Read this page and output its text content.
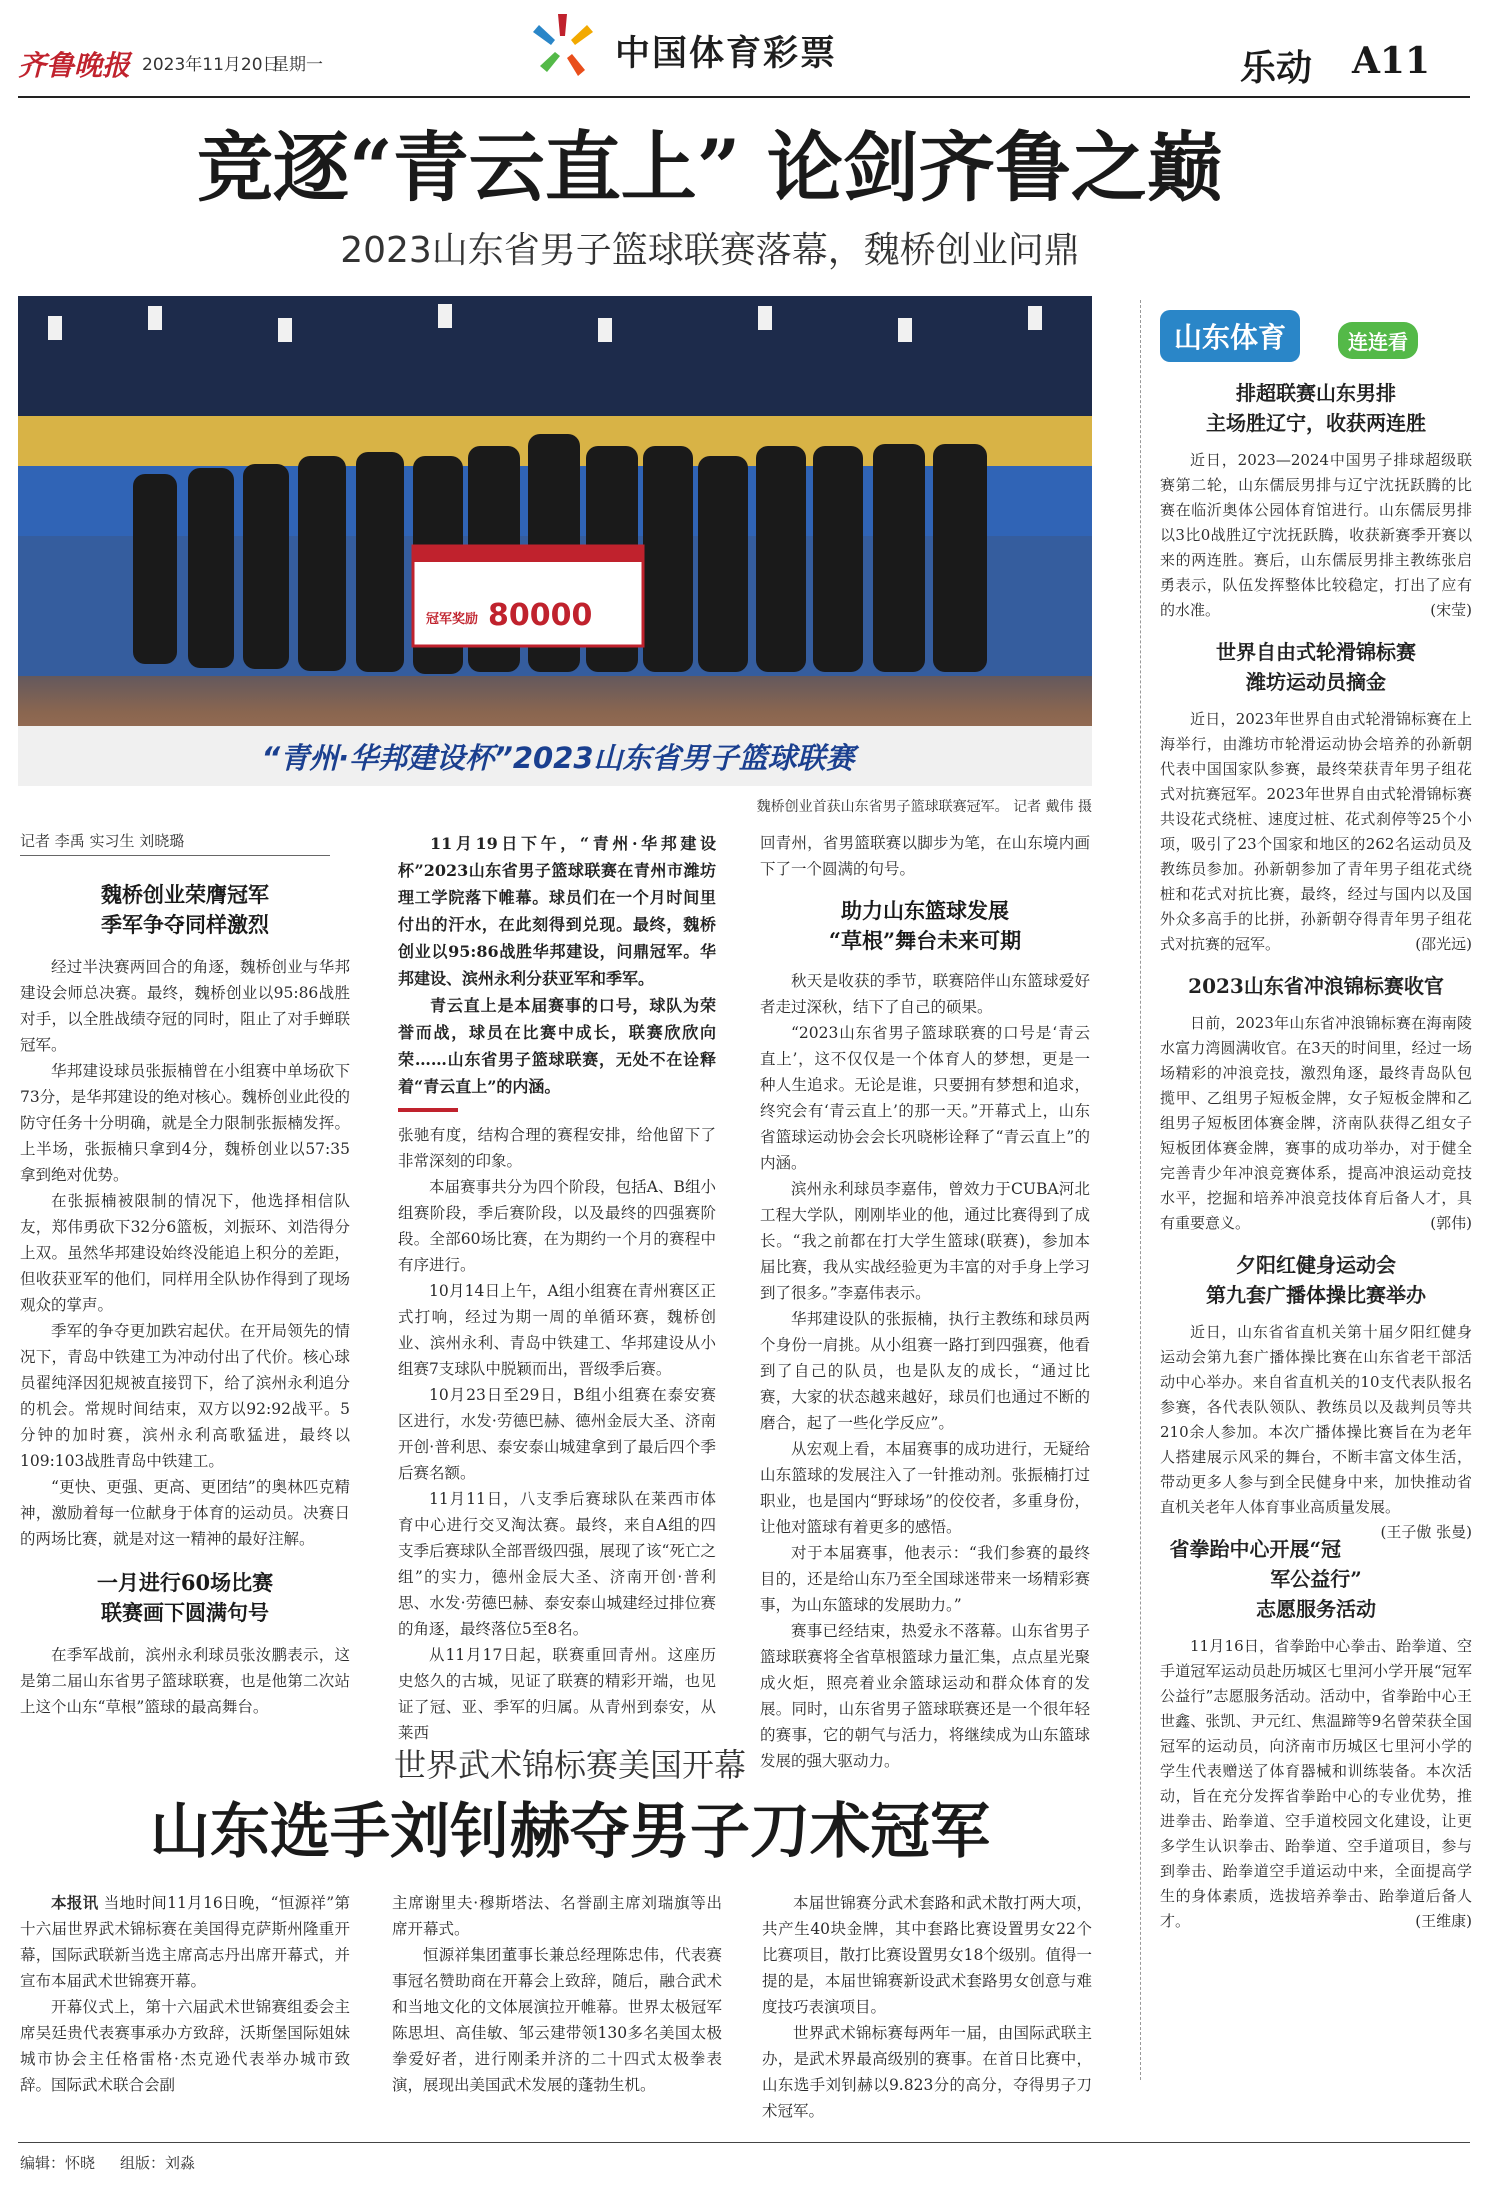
齐鲁晚报 2023年11月20日
星期一	中国体育彩票	乐动 A11
竞逐“青云直上” 论剑齐鲁之巅
2023山东省男子篮球联赛落幕，魏桥创业问鼎
冠军奖励 80000
“青州·华邦建设杯”2023山东省男子篮球联赛
魏桥创业首获山东省男子篮球联赛冠军。 记者 戴伟 摄
记者 李禹 实习生 刘晓璐
魏桥创业荣膺冠军
季军争夺同样激烈

经过半決赛两回合的角逐，魏桥创业与华邦建设会师总决赛。最终，魏桥创业以95:86战胜对手，以全胜战绩夺冠的同时，阻止了对手蝉联冠军。

华邦建设球员张振楠曾在小组赛中单场砍下73分，是华邦建设的绝对核心。魏桥创业此役的防守任务十分明确，就是全力限制张振楠发挥。上半场，张振楠只拿到4分，魏桥创业以57:35拿到绝对优势。

在张振楠被限制的情况下，他选择相信队友，郑伟勇砍下32分6篮板，刘振环、刘浩得分上双。虽然华邦建设始终没能追上积分的差距，但收获亚军的他们，同样用全队协作得到了现场观众的掌声。

季军的争夺更加跌宕起伏。在开局领先的情况下，青岛中铁建工为冲动付出了代价。核心球员翟纯泽因犯规被直接罚下，给了滨州永利追分的机会。常规时间结束，双方以92:92战平。5分钟的加时赛，滨州永利高歌猛进，最终以109:103战胜青岛中铁建工。

“更快、更强、更高、更团结”的奥林匹克精神，激励着每一位献身于体育的运动员。决赛日的两场比赛，就是对这一精神的最好注解。

一月进行60场比赛
联赛画下圆满句号

在季军战前，滨州永利球员张汝鹏表示，这是第二届山东省男子篮球联赛，也是他第二次站上这个山东“草根”篮球的最高舞台。

11月19日下午，“青州·华邦建设杯”2023山东省男子篮球联赛在青州市潍坊理工学院落下帷幕。球员们在一个月时间里付出的汗水，在此刻得到兑现。最终，魏桥创业以95:86战胜华邦建设，问鼎冠军。华邦建设、滨州永利分获亚军和季军。

青云直上是本届赛事的口号，球队为荣誉而战，球员在比赛中成长，联赛欣欣向荣……山东省男子篮球联赛，无处不在诠释着“青云直上”的内涵。

张驰有度，结构合理的赛程安排，给他留下了非常深刻的印象。

本届赛事共分为四个阶段，包括A、B组小组赛阶段，季后赛阶段，以及最终的四强赛阶段。全部60场比赛，在为期约一个月的赛程中有序进行。

10月14日上午，A组小组赛在青州赛区正式打响，经过为期一周的单循环赛，魏桥创业、滨州永利、青岛中铁建工、华邦建设从小组赛7支球队中脱颖而出，晋级季后赛。

10月23日至29日，B组小组赛在泰安赛区进行，水发·劳德巴赫、德州金辰大圣、济南开创·普利思、泰安泰山城建拿到了最后四个季后赛名额。

11月11日，八支季后赛球队在莱西市体育中心进行交叉淘汰赛。最终，来自A组的四支季后赛球队全部晋级四强，展现了该“死亡之组”的实力，德州金辰大圣、济南开创·普利思、水发·劳德巴赫、泰安泰山城建经过排位赛的角逐，最终落位5至8名。

从11月17日起，联赛重回青州。这座历史悠久的古城，见证了联赛的精彩开端，也见证了冠、亚、季军的归属。从青州到泰安，从莱西

回青州，省男篮联赛以脚步为笔，在山东境内画下了一个圆满的句号。

助力山东篮球发展
“草根”舞台未来可期

秋天是收获的季节，联赛陪伴山东篮球爱好者走过深秋，结下了自己的硕果。

“2023山东省男子篮球联赛的口号是‘青云直上’，这不仅仅是一个体育人的梦想，更是一种人生追求。无论是谁，只要拥有梦想和追求，终究会有‘青云直上’的那一天。”开幕式上，山东省篮球运动协会会长巩晓彬诠释了“青云直上”的内涵。

滨州永利球员李嘉伟，曾效力于CUBA河北工程大学队，刚刚毕业的他，通过比赛得到了成长。“我之前都在打大学生篮球(联赛)，参加本届比赛，我从实战经验更为丰富的对手身上学习到了很多。”李嘉伟表示。

华邦建设队的张振楠，执行主教练和球员两个身份一肩挑。从小组赛一路打到四强赛，他看到了自己的队员，也是队友的成长，“通过比赛，大家的状态越来越好，球员们也通过不断的磨合，起了一些化学反应”。

从宏观上看，本届赛事的成功进行，无疑给山东篮球的发展注入了一针推动剂。张振楠打过职业，也是国内“野球场”的佼佼者，多重身份，让他对篮球有着更多的感悟。

对于本届赛事，他表示：“我们参赛的最终目的，还是给山东乃至全国球迷带来一场精彩赛事，为山东篮球的发展助力。”

赛事已经结束，热爱永不落幕。山东省男子篮球联赛将全省草根篮球力量汇集，点点星光聚成火炬，照亮着业余篮球运动和群众体育的发展。同时，山东省男子篮球联赛还是一个很年轻的赛事，它的朝气与活力，将继续成为山东篮球发展的强大驱动力。

山东体育	连连看
排超联赛山东男排
主场胜辽宁，收获两连胜

近日，2023—2024中国男子排球超级联赛第二轮，山东儒辰男排与辽宁沈抚跃腾的比赛在临沂奥体公园体育馆进行。山东儒辰男排以3比0战胜辽宁沈抚跃腾，收获新赛季开赛以来的两连胜。赛后，山东儒辰男排主教练张启勇表示，队伍发挥整体比较稳定，打出了应有的水准。	(宋莹)

世界自由式轮滑锦标赛
潍坊运动员摘金

近日，2023年世界自由式轮滑锦标赛在上海举行，由潍坊市轮滑运动协会培养的孙新朝代表中国国家队参赛，最终荣获青年男子组花式对抗赛冠军。2023年世界自由式轮滑锦标赛共设花式绕桩、速度过桩、花式刹停等25个小项，吸引了23个国家和地区的262名运动员及教练员参加。孙新朝参加了青年男子组花式绕桩和花式对抗比赛，最终，经过与国内以及国外众多高手的比拼，孙新朝夺得青年男子组花式对抗赛的冠军。	(邵光远)

2023山东省冲浪锦标赛收官

日前，2023年山东省冲浪锦标赛在海南陵水富力湾圆满收官。在3天的时间里，经过一场场精彩的冲浪竞技，激烈角逐，最终青岛队包揽甲、乙组男子短板金牌，女子短板金牌和乙组男子短板团体赛金牌，济南队获得乙组女子短板团体赛金牌，赛事的成功举办，对于健全完善青少年冲浪竞赛体系，提高冲浪运动竞技水平，挖掘和培养冲浪竞技体育后备人才，具有重要意义。	(郭伟)

夕阳红健身运动会
第九套广播体操比赛举办

近日，山东省省直机关第十届夕阳红健身运动会第九套广播体操比赛在山东省老干部活动中心举办。来自省直机关的10支代表队报名参赛，各代表队领队、教练员以及裁判员等共210余人参加。本次广播体操比赛旨在为老年人搭建展示风采的舞台，不断丰富文体生活，带动更多人参与到全民健身中来，加快推动省直机关老年人体育事业高质量发展。
(王子傲 张曼)

省拳跆中心开展“冠军公益行”
志愿服务活动

11月16日，省拳跆中心拳击、跆拳道、空手道冠军运动员赴历城区七里河小学开展“冠军公益行”志愿服务活动。活动中，省拳跆中心王世鑫、张凯、尹元红、焦温蹄等9名曾荣获全国冠军的运动员，向济南市历城区七里河小学的学生代表赠送了体育器械和训练装备。本次活动，旨在充分发挥省拳跆中心的专业优势，推进拳击、跆拳道、空手道校园文化建设，让更多学生认识拳击、跆拳道、空手道项目，参与到拳击、跆拳道空手道运动中来，全面提高学生的身体素质，选拔培养拳击、跆拳道后备人才。	(王维康)

世界武术锦标赛美国开幕
山东选手刘钊赫夺男子刀术冠军

本报讯 当地时间11月16日晚，“恒源祥”第十六届世界武术锦标赛在美国得克萨斯州隆重开幕，国际武联新当选主席高志丹出席开幕式，并宣布本届武术世锦赛开幕。

开幕仪式上，第十六届武术世锦赛组委会主席吴廷贵代表赛事承办方致辞，沃斯堡国际姐妹城市协会主任格雷格·杰克逊代表举办城市致辞。国际武术联合会副

主席谢里夫·穆斯塔法、名誉副主席刘瑞旗等出席开幕式。

恒源祥集团董事长兼总经理陈忠伟，代表赛事冠名赞助商在开幕会上致辞，随后，融合武术和当地文化的文体展演拉开帷幕。世界太极冠军陈思坦、高佳敏、邹云建带领130多名美国太极拳爱好者，进行刚柔并济的二十四式太极拳表演，展现出美国武术发展的蓬勃生机。

本届世锦赛分武术套路和武术散打两大项，共产生40块金牌，其中套路比赛设置男女22个比赛项目，散打比赛设置男女18个级别。值得一提的是，本届世锦赛新设武术套路男女创意与难度技巧表演项目。

世界武术锦标赛每两年一届，由国际武联主办，是武术界最高级别的赛事。在首日比赛中，山东选手刘钊赫以9.823分的高分，夺得男子刀术冠军。

编辑：怀晓 组版：刘淼
